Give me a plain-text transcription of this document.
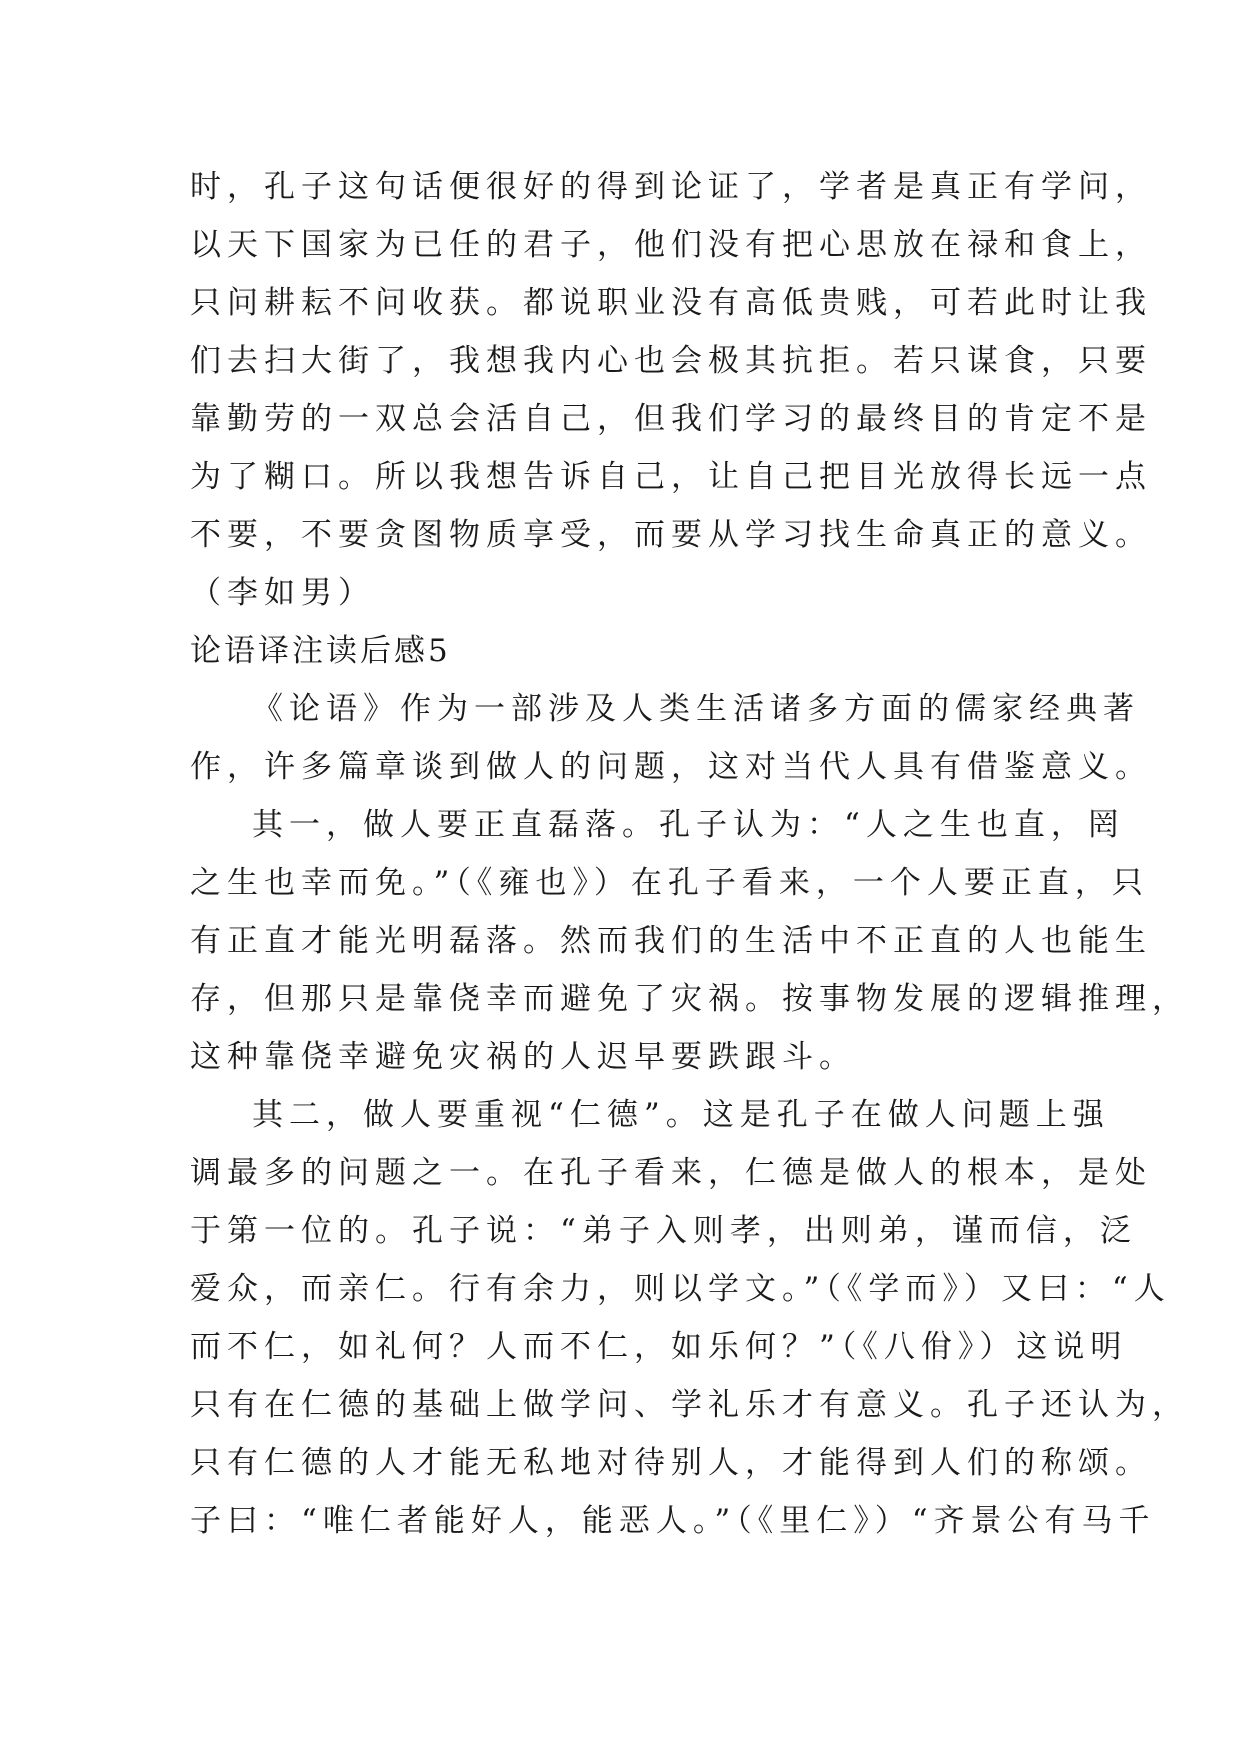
时，孔子这句话便很好的得到论证了，学者是真正有学问，
以天下国家为已任的君子，他们没有把心思放在禄和食上，
只问耕耘不问收获。都说职业没有高低贵贱，可若此时让我
们去扫大街了，我想我内心也会极其抗拒。若只谋食，只要
靠勤劳的一双总会活自己，但我们学习的最终目的肯定不是
为了糊口。所以我想告诉自己，让自己把目光放得长远一点
不要，不要贪图物质享受，而要从学习找生命真正的意义。
（李如男）
论语译注读后感5
《论语》作为一部涉及人类生活诸多方面的儒家经典著
作，许多篇章谈到做人的问题，这对当代人具有借鉴意义。
其一，做人要正直磊落。孔子认为：“人之生也直，罔
之生也幸而免。”（《雍也》）在孔子看来，一个人要正直，只
有正直才能光明磊落。然而我们的生活中不正直的人也能生
存，但那只是靠侥幸而避免了灾祸。按事物发展的逻辑推理，
这种靠侥幸避免灾祸的人迟早要跌跟斗。
其二，做人要重视“仁德”。这是孔子在做人问题上强
调最多的问题之一。在孔子看来，仁德是做人的根本，是处
于第一位的。孔子说：“弟子入则孝，出则弟，谨而信，泛
爱众，而亲仁。行有余力，则以学文。”（《学而》）又曰：“人
而不仁，如礼何？人而不仁，如乐何？”（《八佾》）这说明
只有在仁德的基础上做学问、学礼乐才有意义。孔子还认为，
只有仁德的人才能无私地对待别人，才能得到人们的称颂。
子曰：“唯仁者能好人，能恶人。”（《里仁》）“齐景公有马千
